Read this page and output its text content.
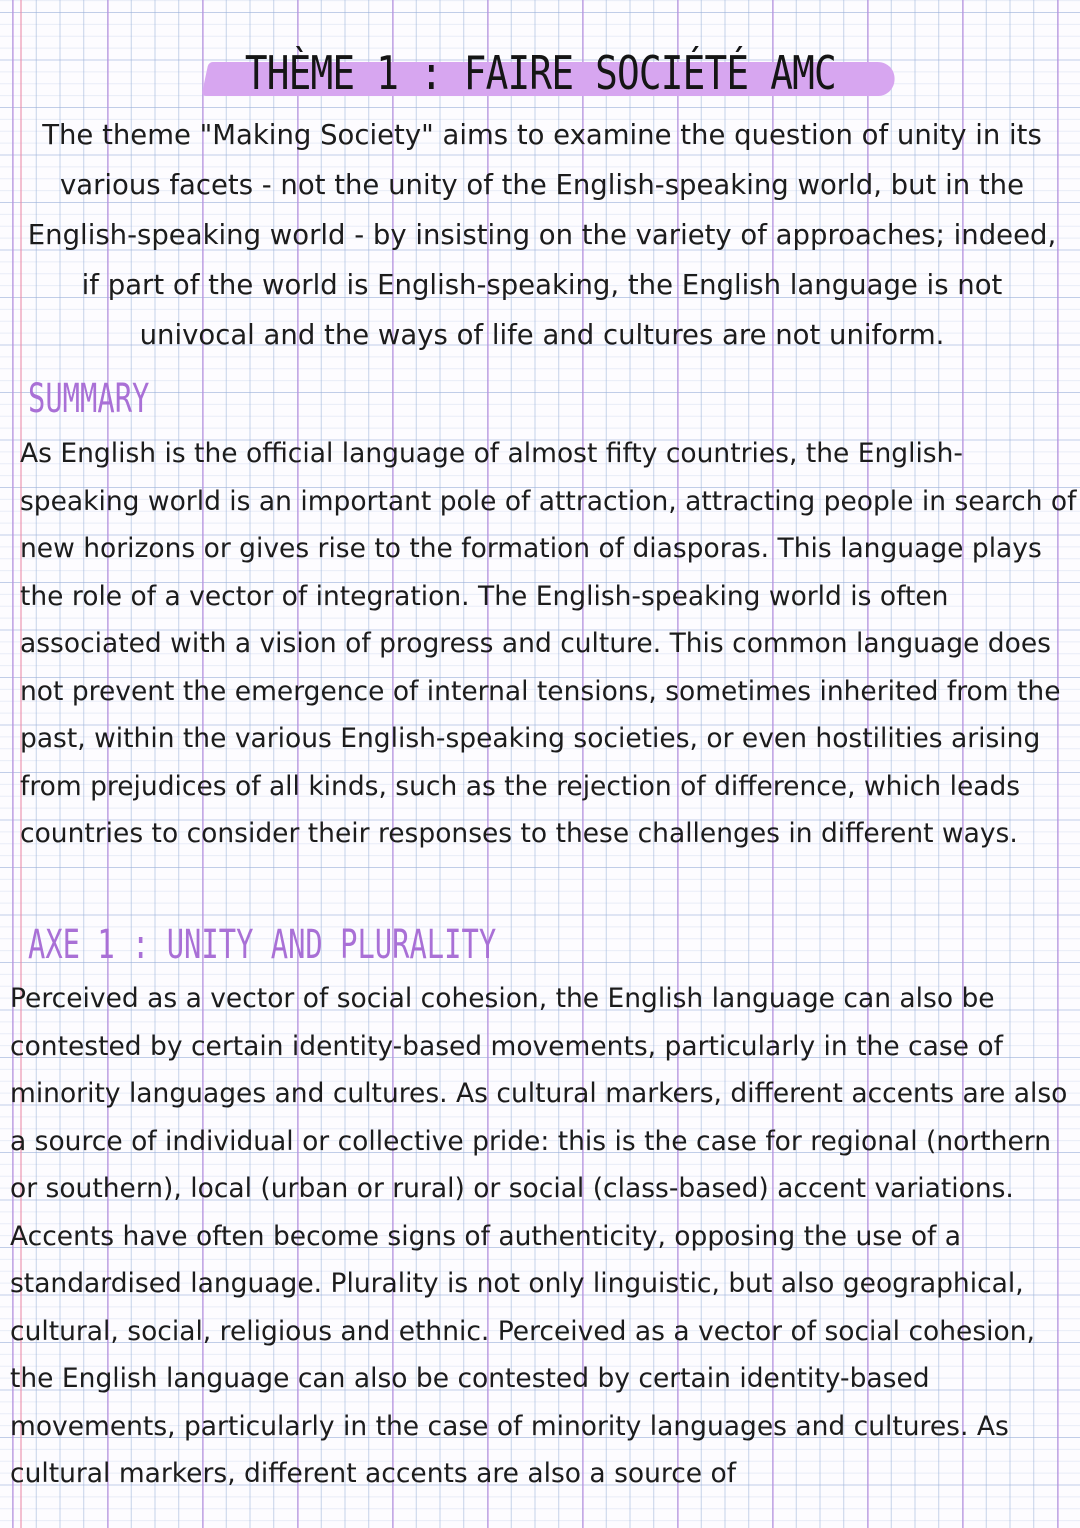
THÈME 1 : FAIRE SOCIÉTÉ AMC

The theme "Making Society" aims to examine the question of unity in its various facets - not the unity of the English-speaking world, but in the English-speaking world - by insisting on the variety of approaches; indeed, if part of the world is English-speaking, the English language is not univocal and the ways of life and cultures are not uniform.

SUMMARY

As English is the official language of almost fifty countries, the English-speaking world is an important pole of attraction, attracting people in search of new horizons or gives rise to the formation of diasporas. This language plays the role of a vector of integration. The English-speaking world is often associated with a vision of progress and culture. This common language does not prevent the emergence of internal tensions, sometimes inherited from the past, within the various English-speaking societies, or even hostilities arising from prejudices of all kinds, such as the rejection of difference, which leads countries to consider their responses to these challenges in different ways.

AXE 1 : UNITY AND PLURALITY

Perceived as a vector of social cohesion, the English language can also be contested by certain identity-based movements, particularly in the case of minority languages and cultures. As cultural markers, different accents are also a source of individual or collective pride: this is the case for regional (northern or southern), local (urban or rural) or social (class-based) accent variations. Accents have often become signs of authenticity, opposing the use of a standardised language. Plurality is not only linguistic, but also geographical, cultural, social, religious and ethnic. Perceived as a vector of social cohesion, the English language can also be contested by certain identity-based movements, particularly in the case of minority languages and cultures. As cultural markers, different accents are also a source of
